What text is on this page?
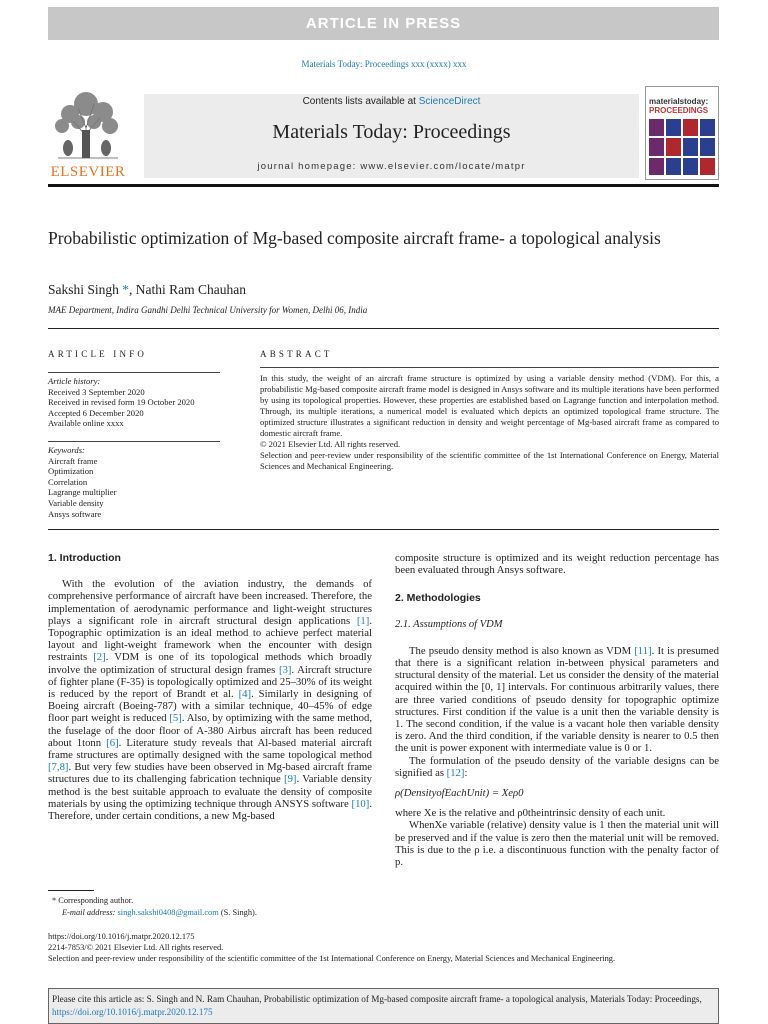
ARTICLE IN PRESS
Materials Today: Proceedings xxx (xxxx) xxx
ELSEVIER
Contents lists available at ScienceDirect
Materials Today: Proceedings
journal homepage: www.elsevier.com/locate/matpr
materialstoday:
PROCEEDINGS
Probabilistic optimization of Mg-based composite aircraft frame- a topological analysis
Sakshi Singh *, Nathi Ram Chauhan
MAE Department, Indira Gandhi Delhi Technical University for Women, Delhi 06, India
ARTICLE INFO
Article history:
Received 3 September 2020
Received in revised form 19 October 2020
Accepted 6 December 2020
Available online xxxx
Keywords:
Aircraft frame
Optimization
Correlation
Lagrange multiplier
Variable density
Ansys software
ABSTRACT
In this study, the weight of an aircraft frame structure is optimized by using a variable density method (VDM). For this, a probabilistic Mg-based composite aircraft frame model is designed in Ansys software and its multiple iterations have been performed by using its topological properties. However, these properties are established based on Lagrange function and interpolation method. Through, its multiple iterations, a numerical model is evaluated which depicts an optimized topological frame structure. The optimized structure illustrates a significant reduction in density and weight percentage of Mg-based aircraft frame as compared to domestic aircraft frame.
© 2021 Elsevier Ltd. All rights reserved.
Selection and peer-review under responsibility of the scientific committee of the 1st International Conference on Energy, Material Sciences and Mechanical Engineering.
1. Introduction

With the evolution of the aviation industry, the demands of comprehensive performance of aircraft have been increased. Therefore, the implementation of aerodynamic performance and light-weight structures plays a significant role in aircraft structural design applications [1]. Topographic optimization is an ideal method to achieve perfect material layout and light-weight framework when the encounter with design restraints [2]. VDM is one of its topological methods which broadly involve the optimization of structural design frames [3]. Aircraft structure of fighter plane (F-35) is topologically optimized and 25–30% of its weight is reduced by the report of Brandt et al. [4]. Similarly in designing of Boeing aircraft (Boeing-787) with a similar technique, 40–45% of edge floor part weight is reduced [5]. Also, by optimizing with the same method, the fuselage of the door floor of A-380 Airbus aircraft has been reduced about 1tonn [6]. Literature study reveals that Al-based material aircraft frame structures are optimally designed with the same topological method [7,8]. But very few studies have been observed in Mg-based aircraft frame structures due to its challenging fabrication technique [9]. Variable density method is the best suitable approach to evaluate the density of composite materials by using the optimizing technique through ANSYS software [10]. Therefore, under certain conditions, a new Mg-based

composite structure is optimized and its weight reduction percentage has been evaluated through Ansys software.

2. Methodologies
2.1. Assumptions of VDM

The pseudo density method is also known as VDM [11]. It is presumed that there is a significant relation in-between physical parameters and structural density of the material. Let us consider the density of the material acquired within the [0, 1] intervals. For continuous arbitrarily values, there are three varied conditions of pseudo density for topographic optimize structures. First condition if the value is a unit then the variable density is 1. The second condition, if the value is a vacant hole then variable density is zero. And the third condition, if the variable density is nearer to 0.5 then the unit is power exponent with intermediate value is 0 or 1.

The formulation of the pseudo density of the variable designs can be signified as [12]:

ρ(DensityofEachUnit) = Xeρ0

where Xe is the relative and ρ0theintrinsic density of each unit.

WhenXe variable (relative) density value is 1 then the material unit will be preserved and if the value is zero then the material unit will be removed. This is due to the ρ i.e. a discontinuous function with the penalty factor of p.

* Corresponding author.
E-mail address: singh.sakshi0408@gmail.com (S. Singh).
https://doi.org/10.1016/j.matpr.2020.12.175
2214-7853/© 2021 Elsevier Ltd. All rights reserved.
Selection and peer-review under responsibility of the scientific committee of the 1st International Conference on Energy, Material Sciences and Mechanical Engineering.
Please cite this article as: S. Singh and N. Ram Chauhan, Probabilistic optimization of Mg-based composite aircraft frame- a topological analysis, Materials Today: Proceedings, https://doi.org/10.1016/j.matpr.2020.12.175
